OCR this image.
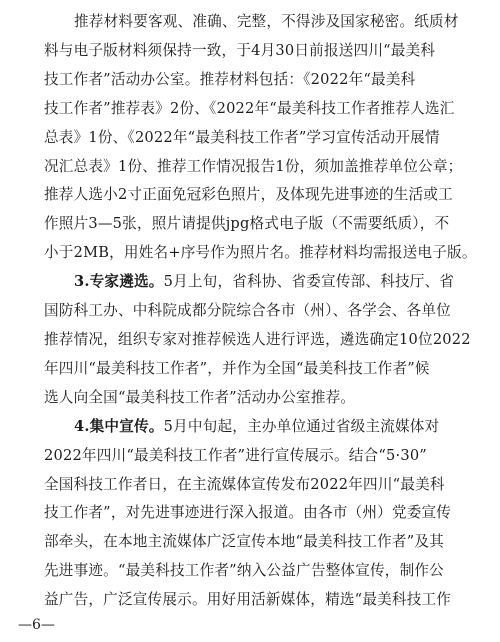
推荐材料要客观、准确、完整，不得涉及国家秘密。纸质材
料与电子版材料须保持一致，于4月30日前报送四川“最美科
技工作者”活动办公室。推荐材料包括：《2022年“最美科
技工作者”推荐表》2份、《2022年“最美科技工作者推荐人选汇
总表》1份、《2022年“最美科技工作者”学习宣传活动开展情
况汇总表》1份、推荐工作情况报告1份，须加盖推荐单位公章；
推荐人选小2寸正面免冠彩色照片，及体现先进事迹的生活或工
作照片3—5张，照片请提供jpg格式电子版（不需要纸质），不
小于2MB，用姓名+序号作为照片名。推荐材料均需报送电子版。
3.专家遴选。5月上旬，省科协、省委宣传部、科技厅、省
国防科工办、中科院成都分院综合各市（州）、各学会、各单位
推荐情况，组织专家对推荐候选人进行评选，遴选确定10位2022
年四川“最美科技工作者”，并作为全国“最美科技工作者”候
选人向全国“最美科技工作者”活动办公室推荐。
4.集中宣传。5月中旬起，主办单位通过省级主流媒体对
2022年四川“最美科技工作者”进行宣传展示。结合“5·30”
全国科技工作者日，在主流媒体宣传发布2022年四川“最美科
技工作者”，对先进事迹进行深入报道。由各市（州）党委宣传
部牵头，在本地主流媒体广泛宣传本地“最美科技工作者”及其
先进事迹。“最美科技工作者”纳入公益广告整体宣传，制作公
益广告，广泛宣传展示。用好用活新媒体，精选“最美科技工作
—6—
